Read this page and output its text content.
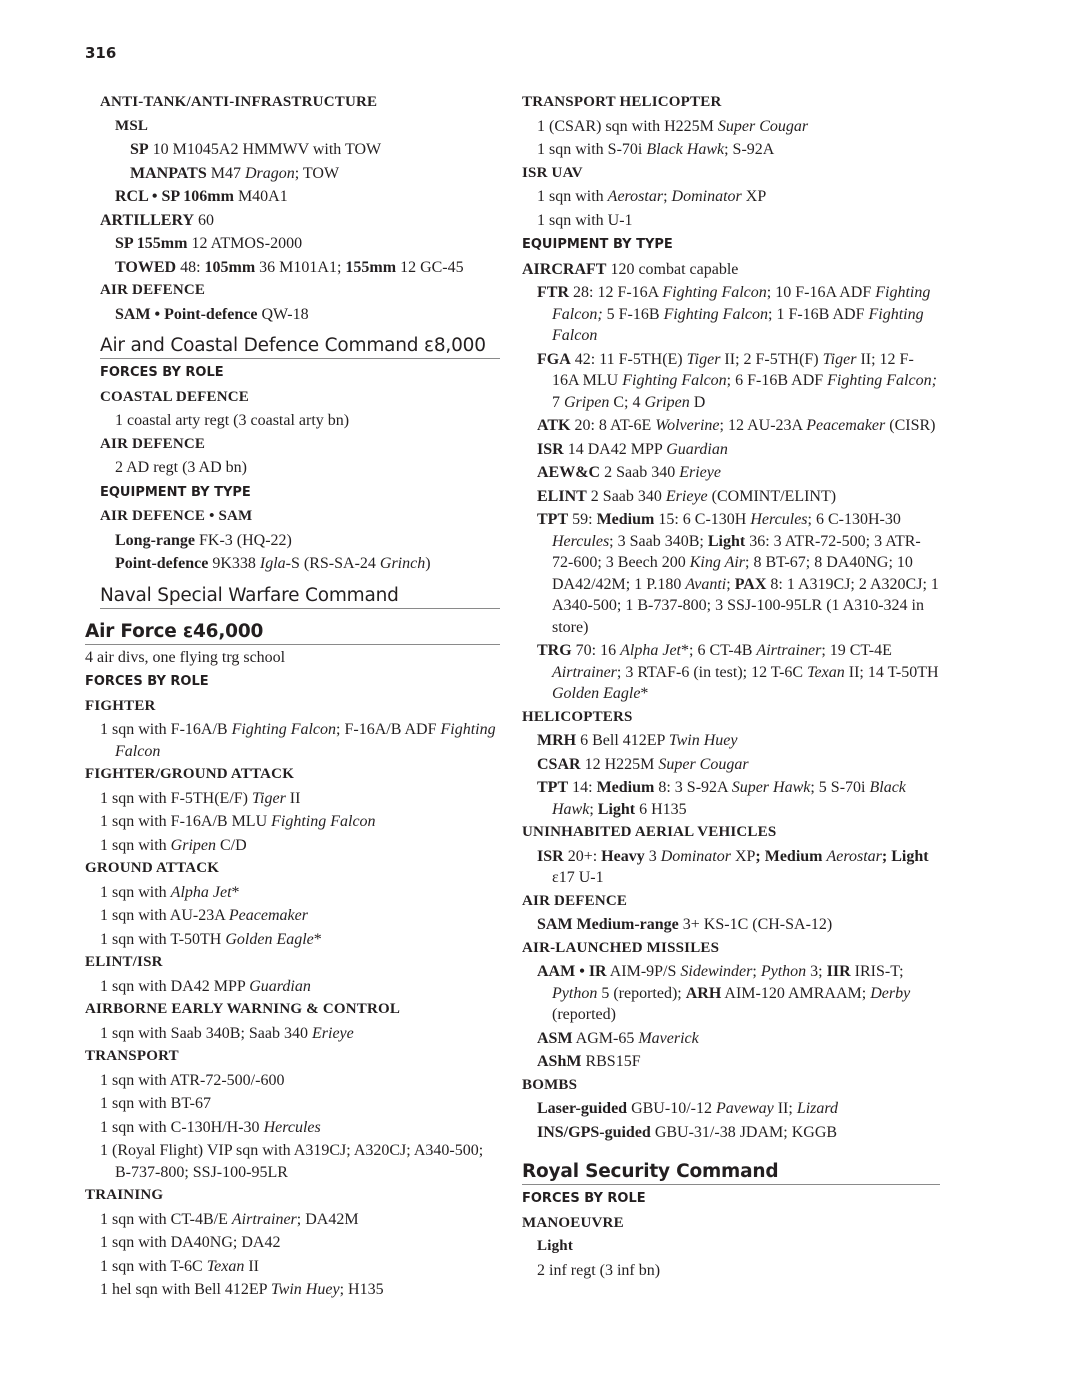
316
ANTI-TANK/ANTI-INFRASTRUCTURE
MSL
SP 10 M1045A2 HMMWV with TOW
MANPATS M47 Dragon; TOW
RCL • SP 106mm M40A1
ARTILLERY 60
SP 155mm 12 ATMOS-2000
TOWED 48: 105mm 36 M101A1; 155mm 12 GC-45
AIR DEFENCE
SAM • Point-defence QW-18
Air and Coastal Defence Command ε8,000
FORCES BY ROLE
COASTAL DEFENCE
1 coastal arty regt (3 coastal arty bn)
AIR DEFENCE
2 AD regt (3 AD bn)
EQUIPMENT BY TYPE
AIR DEFENCE • SAM
Long-range FK-3 (HQ-22)
Point-defence 9K338 Igla-S (RS-SA-24 Grinch)
Naval Special Warfare Command
Air Force ε46,000
4 air divs, one flying trg school
FORCES BY ROLE
FIGHTER
1 sqn with F-16A/B Fighting Falcon; F-16A/B ADF Fighting Falcon
FIGHTER/GROUND ATTACK
1 sqn with F-5TH(E/F) Tiger II
1 sqn with F-16A/B MLU Fighting Falcon
1 sqn with Gripen C/D
GROUND ATTACK
1 sqn with Alpha Jet*
1 sqn with AU-23A Peacemaker
1 sqn with T-50TH Golden Eagle*
ELINT/ISR
1 sqn with DA42 MPP Guardian
AIRBORNE EARLY WARNING & CONTROL
1 sqn with Saab 340B; Saab 340 Erieye
TRANSPORT
1 sqn with ATR-72-500/-600
1 sqn with BT-67
1 sqn with C-130H/H-30 Hercules
1 (Royal Flight) VIP sqn with A319CJ; A320CJ; A340-500; B-737-800; SSJ-100-95LR
TRAINING
1 sqn with CT-4B/E Airtrainer; DA42M
1 sqn with DA40NG; DA42
1 sqn with T-6C Texan II
1 hel sqn with Bell 412EP Twin Huey; H135
TRANSPORT HELICOPTER
1 (CSAR) sqn with H225M Super Cougar
1 sqn with S-70i Black Hawk; S-92A
ISR UAV
1 sqn with Aerostar; Dominator XP
1 sqn with U-1
EQUIPMENT BY TYPE
AIRCRAFT 120 combat capable
FTR 28: 12 F-16A Fighting Falcon; 10 F-16A ADF Fighting Falcon; 5 F-16B Fighting Falcon; 1 F-16B ADF Fighting Falcon
FGA 42: 11 F-5TH(E) Tiger II; 2 F-5TH(F) Tiger II; 12 F-16A MLU Fighting Falcon; 6 F-16B ADF Fighting Falcon; 7 Gripen C; 4 Gripen D
ATK 20: 8 AT-6E Wolverine; 12 AU-23A Peacemaker (CISR)
ISR 14 DA42 MPP Guardian
AEW&C 2 Saab 340 Erieye
ELINT 2 Saab 340 Erieye (COMINT/ELINT)
TPT 59: Medium 15: 6 C-130H Hercules; 6 C-130H-30 Hercules; 3 Saab 340B; Light 36: 3 ATR-72-500; 3 ATR-72-600; 3 Beech 200 King Air; 8 BT-67; 8 DA40NG; 10 DA42/42M; 1 P.180 Avanti; PAX 8: 1 A319CJ; 2 A320CJ; 1 A340-500; 1 B-737-800; 3 SSJ-100-95LR (1 A310-324 in store)
TRG 70: 16 Alpha Jet*; 6 CT-4B Airtrainer; 19 CT-4E Airtrainer; 3 RTAF-6 (in test); 12 T-6C Texan II; 14 T-50TH Golden Eagle*
HELICOPTERS
MRH 6 Bell 412EP Twin Huey
CSAR 12 H225M Super Cougar
TPT 14: Medium 8: 3 S-92A Super Hawk; 5 S-70i Black Hawk; Light 6 H135
UNINHABITED AERIAL VEHICLES
ISR 20+: Heavy 3 Dominator XP; Medium Aerostar; Light ε17 U-1
AIR DEFENCE
SAM Medium-range 3+ KS-1C (CH-SA-12)
AIR-LAUNCHED MISSILES
AAM • IR AIM-9P/S Sidewinder; Python 3; IIR IRIS-T; Python 5 (reported); ARH AIM-120 AMRAAM; Derby (reported)
ASM AGM-65 Maverick
AShM RBS15F
BOMBS
Laser-guided GBU-10/-12 Paveway II; Lizard
INS/GPS-guided GBU-31/-38 JDAM; KGGB
Royal Security Command
FORCES BY ROLE
MANOEUVRE
Light
2 inf regt (3 inf bn)
